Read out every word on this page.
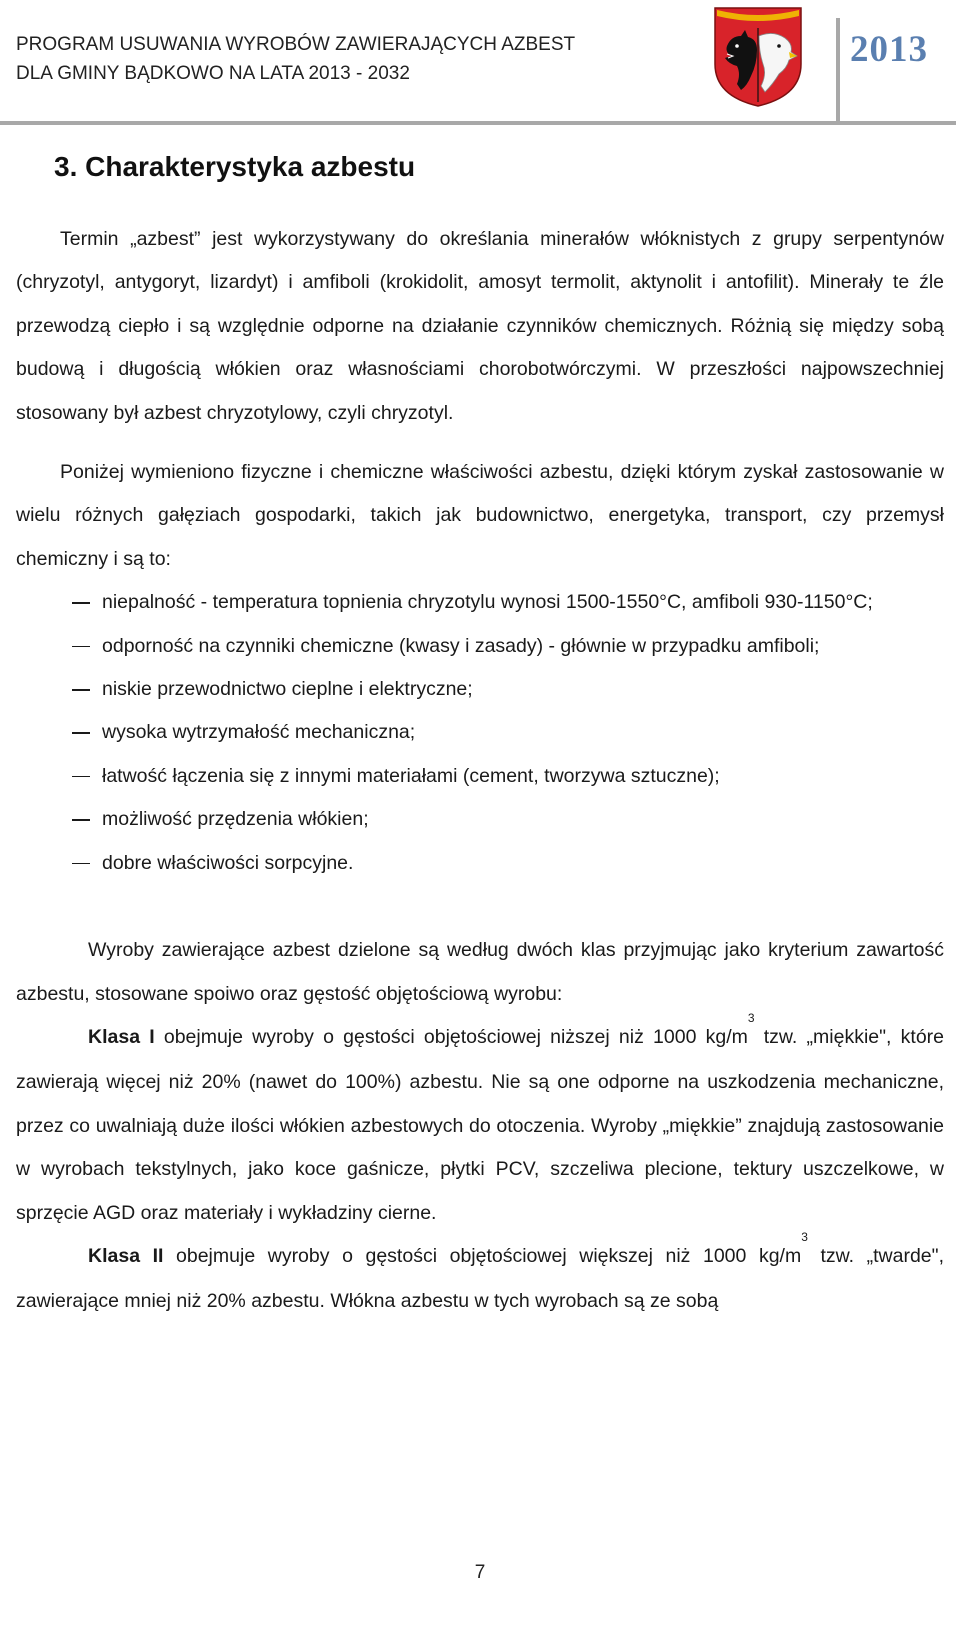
PROGRAM USUWANIA WYROBÓW ZAWIERAJĄCYCH AZBEST
DLA GMINY BĄDKOWO NA LATA 2013 - 2032
2013
3. Charakterystyka azbestu

Termin „azbest” jest wykorzystywany do określania minerałów włóknistych z grupy serpentynów (chryzotyl, antygoryt, lizardyt) i amfiboli (krokidolit, amosyt termolit, aktynolit i antofilit). Minerały te źle przewodzą ciepło i są względnie odporne na działanie czynników chemicznych. Różnią się między sobą budową i długością włókien oraz własnościami chorobotwórczymi. W przeszłości najpowszechniej stosowany był azbest chryzotylowy, czyli chryzotyl.

Poniżej wymieniono fizyczne i chemiczne właściwości azbestu, dzięki którym zyskał zastosowanie w wielu różnych gałęziach gospodarki, takich jak budownictwo, energetyka, transport, czy przemysł chemiczny i są to:

niepalność - temperatura topnienia chryzotylu wynosi 1500-1550°C, amfiboli 930-1150°C;
odporność na czynniki chemiczne (kwasy i zasady) - głównie w przypadku amfiboli;
niskie przewodnictwo cieplne i elektryczne;
wysoka wytrzymałość mechaniczna;
łatwość łączenia się z innymi materiałami (cement, tworzywa sztuczne);
możliwość przędzenia włókien;
dobre właściwości sorpcyjne.

Wyroby zawierające azbest dzielone są według dwóch klas przyjmując jako kryterium zawartość azbestu, stosowane spoiwo oraz gęstość objętościową wyrobu:

Klasa I obejmuje wyroby o gęstości objętościowej niższej niż 1000 $kg/m^3$ tzw. „miękkie", które zawierają więcej niż 20% (nawet do 100%) azbestu. Nie są one odporne na uszkodzenia mechaniczne, przez co uwalniają duże ilości włókien azbestowych do otoczenia. Wyroby „miękkie” znajdują zastosowanie w wyrobach tekstylnych, jako koce gaśnicze, płytki PCV, szczeliwa plecione, tektury uszczelkowe, w sprzęcie AGD oraz materiały i wykładziny cierne.

Klasa II obejmuje wyroby o gęstości objętościowej większej niż 1000 $kg/m^3$ tzw. „twarde", zawierające mniej niż 20% azbestu. Włókna azbestu w tych wyrobach są ze sobą

7
